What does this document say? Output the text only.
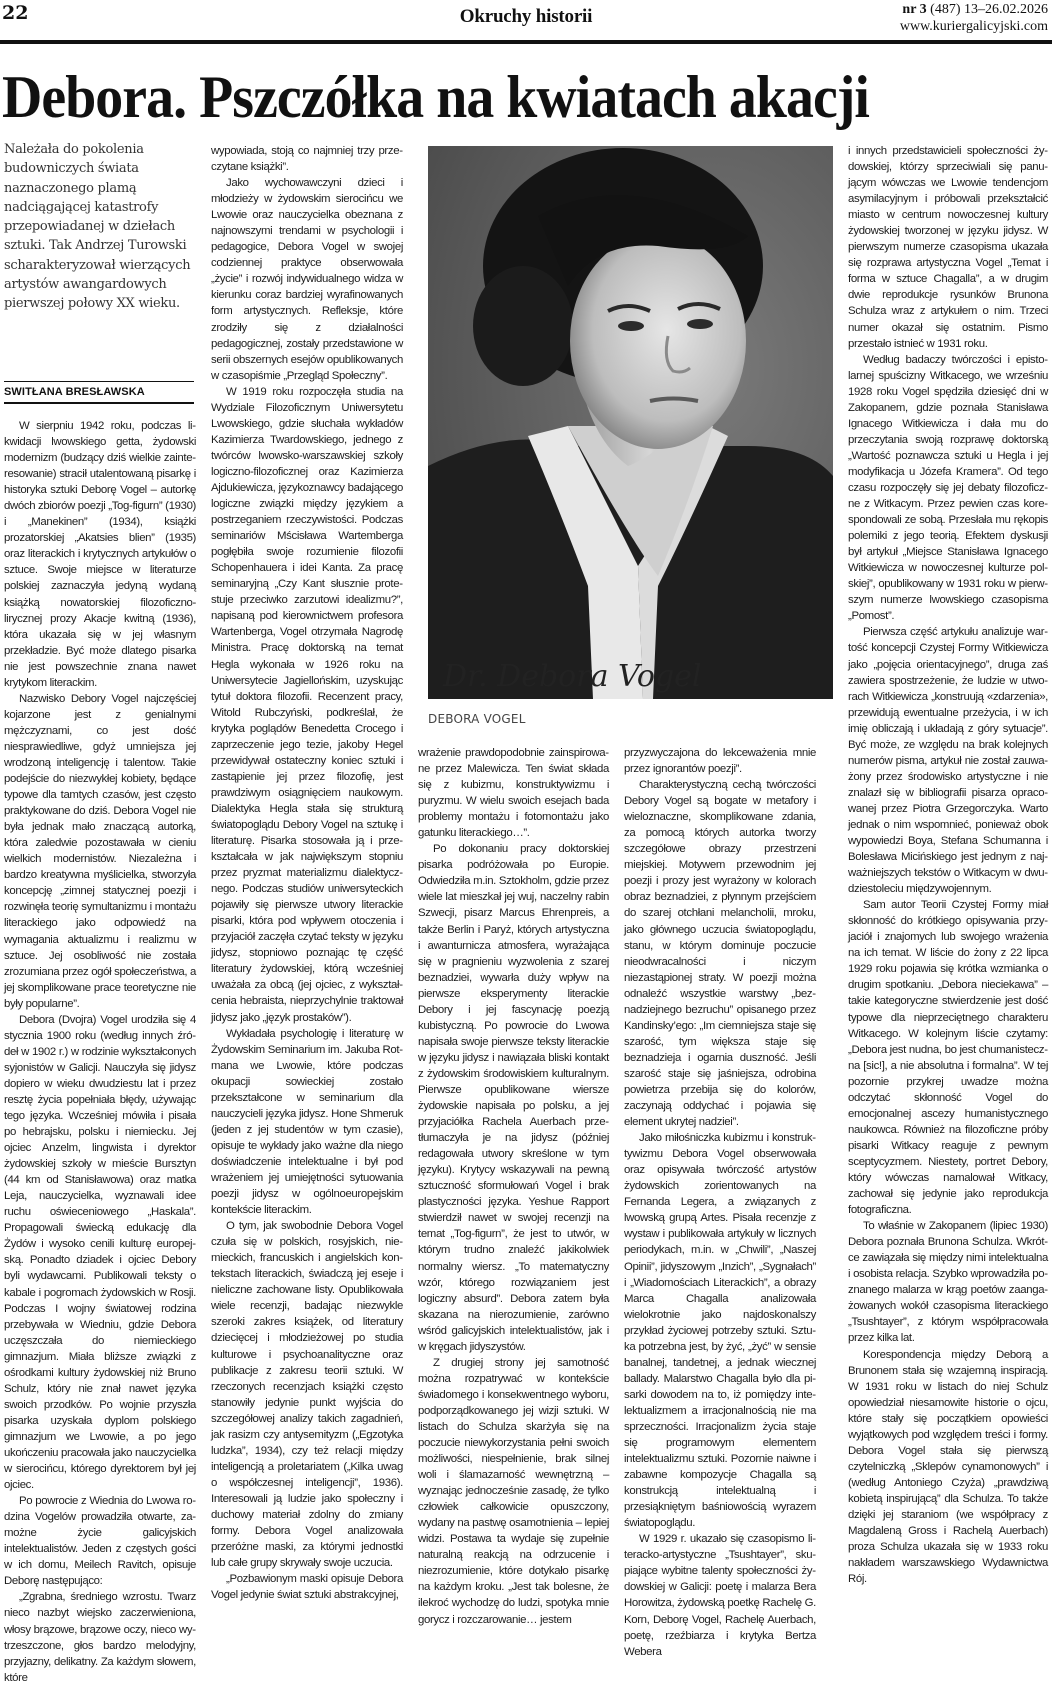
22	Okruchy historii	nr 3 (487) 13–26.02.2026
www.kuriergalicyjski.com
Debora. Pszczółka na kwiatach akacji
Należała do pokolenia budowniczych świata naznaczonego plamą nadciągającej katastrofy przepowiadanej w dziełach sztuki. Tak Andrzej Turowski scharakteryzował wierzących artystów awangardowych pierwszej połowy XX wieku.
SWITŁANA BRESŁAWSKA

W sierpniu 1942 roku, podczas likwidacji lwowskiego getta, żydowski modernizm (budzący dziś wielkie zainteresowanie) stracił utalentowaną pisarkę i historyka sztuki Deborę Vogel – autorkę dwóch zbiorów poezji „Tog-figurn” (1930) i „Manekinen” (1934), książki prozatorskiej „Akatsies blien” (1935) oraz literackich i krytycznych artykułów o sztuce. Swoje miejsce w literaturze polskiej zaznaczyła jedyną wydaną książką nowatorskiej filozoficzno-lirycznej prozy Akacje kwitną (1936), która ukazała się w jej własnym przekładzie. Być może dlatego pisarka nie jest powszechnie znana nawet krytykom literackim.

Nazwisko Debory Vogel najczęściej kojarzone jest z genialnymi mężczyznami, co jest dość niesprawiedliwe, gdyż umniejsza jej wrodzoną inteligencję i talentow. Takie podejście do niezwykłej kobiety, będące typowe dla tamtych czasów, jest często praktykowane do dziś. Debora Vogel nie była jednak mało znaczącą autorką, która zaledwie pozostawała w cieniu wielkich modernistów. Niezależna i bardzo kreatywna myślicielka, stworzyła koncepcję „zimnej statycznej poezji i rozwinęła teorię symultanizmu i montażu literackiego jako odpowiedź na wymagania aktualizmu i realizmu w sztuce. Jej osobliwość nie została zrozumiana przez ogół społeczeństwa, a jej skomplikowane prace teoretyczne nie były popularne”.

Debora (Dvojra) Vogel urodziła się 4 stycznia 1900 roku (według innych źródeł w 1902 r.) w rodzinie wykształconych syjonistów w Galicji. Nauczyła się jidysz dopiero w wieku dwudziestu lat i przez resztę życia popełniała błędy, używając tego języka. Wcześniej mówiła i pisała po hebrajsku, polsku i niemiecku. Jej ojciec Anzelm, lingwista i dyrektor żydowskiej szkoły w mieście Bursztyn (44 km od Stanisławowa) oraz matka Leja, nauczycielka, wyznawali idee ruchu oświeceniowego „Haskala”. Propagowali świecką edukację dla Żydów i wysoko cenili kulturę europejską. Ponadto dziadek i ojciec Debory byli wydawcami. Publikowali teksty o kabale i pogromach żydowskich w Rosji. Podczas I wojny światowej rodzina przebywała w Wiedniu, gdzie Debora uczęszczała do niemieckiego gimnazjum. Miała bliższe związki z ośrodkami kultury żydowskiej niż Bruno Schulz, który nie znał nawet języka swoich przodków. Po wojnie przyszła pisarka uzyskała dyplom polskiego gimnazjum we Lwowie, a po jego ukończeniu pracowała jako nauczycielka w sierocińcu, którego dyrektorem był jej ojciec.

Po powrocie z Wiednia do Lwowa rodzina Vogelów prowadziła otwarte, zamożne życie galicyjskich intelektualistów. Jeden z częstych gości w ich domu, Meilech Ravitch, opisuje Deborę następująco:

„Zgrabna, średniego wzrostu. Twarz nieco nazbyt wiejsko zaczerwieniona, włosy brązowe, brązowe oczy, nieco wytrzeszczone, głos bardzo melodyjny, przyjazny, delikatny. Za każdym słowem, które

wypowiada, stoją co najmniej trzy przeczytane książki”.

Jako wychowawczyni dzieci i młodzieży w żydowskim sierocińcu we Lwowie oraz nauczycielka obeznana z najnowszymi trendami w psychologii i pedagogice, Debora Vogel w swojej codziennej praktyce obserwowała „życie” i rozwój indywidualnego widza w kierunku coraz bardziej wyrafinowanych form artystycznych. Refleksje, które zrodziły się z działalności pedagogicznej, zostały przedstawione w serii obszernych esejów opublikowanych w czasopiśmie „Przegląd Społeczny”.

W 1919 roku rozpoczęła studia na Wydziale Filozoficznym Uniwersytetu Lwowskiego, gdzie słuchała wykładów Kazimierza Twardowskiego, jednego z twórców lwowsko-warszawskiej szkoły logiczno-filozoficznej oraz Kazimierza Ajdukiewicza, językoznawcy badającego logiczne związki między językiem a postrzeganiem rzeczywistości. Podczas seminariów Mścisława Wartemberga pogłębiła swoje rozumienie filozofii Schopenhauera i idei Kanta. Za pracę seminaryjną „Czy Kant słusznie protestuje przeciwko zarzutowi idealizmu?”, napisaną pod kierownictwem profesora Wartenberga, Vogel otrzymała Nagrodę Ministra. Pracę doktorską na temat Hegla wykonała w 1926 roku na Uniwersytecie Jagiellońskim, uzyskując tytuł doktora filozofii. Recenzent pracy, Witold Rubczyński, podkreślał, że krytyka poglądów Benedetta Crocego i zaprzeczenie jego tezie, jakoby Hegel przewidywał ostateczny koniec sztuki i zastąpienie jej przez filozofię, jest prawdziwym osiągnięciem naukowym. Dialektyka Hegla stała się strukturą światopoglądu Debory Vogel na sztukę i literaturę. Pisarka stosowała ją i przekształcała w jak największym stopniu przez pryzmat materializmu dialektycznego. Podczas studiów uniwersyteckich pojawiły się pierwsze utwory literackie pisarki, która pod wpływem otoczenia i przyjaciół zaczęła czytać teksty w języku jidysz, stopniowo poznając tę część literatury żydowskiej, którą wcześniej uważała za obcą (jej ojciec, z wykształcenia hebraista, nieprzychylnie traktował jidysz jako „język prostaków”).

Wykładała psychologię i literaturę w Żydowskim Seminarium im. Jakuba Rotmana we Lwowie, które podczas okupacji sowieckiej zostało przekształcone w seminarium dla nauczycieli języka jidysz. Hone Shmeruk (jeden z jej studentów w tym czasie), opisuje te wykłady jako ważne dla niego doświadczenie intelektualne i był pod wrażeniem jej umiejętności sytuowania poezji jidysz w ogólnoeuropejskim kontekście literackim.

O tym, jak swobodnie Debora Vogel czuła się w polskich, rosyjskich, niemieckich, francuskich i angielskich kontekstach literackich, świadczą jej eseje i nieliczne zachowane listy. Opublikowała wiele recenzji, badając niezwykle szeroki zakres książek, od literatury dziecięcej i młodzieżowej po studia kulturowe i psychoanalityczne oraz publikacje z zakresu teorii sztuki. W rzeczonych recenzjach książki często stanowiły jedynie punkt wyjścia do szczegółowej analizy takich zagadnień, jak rasizm czy antysemityzm („Egzotyka ludzka”, 1934), czy też relacji między inteligencją a proletariatem („Kilka uwag o współczesnej inteligencji”, 1936). Interesowali ją ludzie jako społeczny i duchowy materiał zdolny do zmiany formy. Debora Vogel analizowała przeróżne maski, za którymi jednostki lub całe grupy skrywały swoje uczucia.

„Pozbawionym maski opisuje Debora Vogel jedynie świat sztuki abstrakcyjnej,

wrażenie prawdopodobnie zainspirowane przez Malewicza. Ten świat składa się z kubizmu, konstruktywizmu i puryzmu. W wielu swoich esejach bada problemy montażu i fotomontażu jako gatunku literackiego…”.

Po dokonaniu pracy doktorskiej pisarka podróżowała po Europie. Odwiedziła m.in. Sztokholm, gdzie przez wiele lat mieszkał jej wuj, naczelny rabin Szwecji, pisarz Marcus Ehrenpreis, a także Berlin i Paryż, których artystyczna i awanturnicza atmosfera, wyrażająca się w pragnieniu wyzwolenia z szarej beznadziei, wywarła duży wpływ na pierwsze eksperymenty literackie Debory i jej fascynację poezją kubistyczną. Po powrocie do Lwowa napisała swoje pierwsze teksty literackie w języku jidysz i nawiązała bliski kontakt z żydowskim środowiskiem kulturalnym. Pierwsze opublikowane wiersze żydowskie napisała po polsku, a jej przyjaciółka Rachela Auerbach przetłumaczyła je na jidysz (później redagowała utwory skreślone w tym języku). Krytycy wskazywali na pewną sztuczność sformułowań Vogel i brak plastyczności języka. Yeshue Rapport stwierdził nawet w swojej recenzji na temat „Tog-figurn”, że jest to utwór, w którym trudno znaleźć jakikolwiek normalny wiersz. „To matematyczny wzór, którego rozwiązaniem jest logiczny absurd”. Debora zatem była skazana na nierozumienie, zarówno wśród galicyjskich intelektualistów, jak i w kręgach jidyszystów.

Z drugiej strony jej samotność można rozpatrywać w kontekście świadomego i konsekwentnego wyboru, podporządkowanego jej wizji sztuki. W listach do Schulza skarżyła się na poczucie niewykorzystania pełni swoich możliwości, niespełnienie, brak silnej woli i ślamazarność wewnętrzną – wyznając jednocześnie zasadę, że tylko człowiek całkowicie opuszczony, wydany na pastwę osamotnienia – lepiej widzi. Postawa ta wydaje się zupełnie naturalną reakcją na odrzucenie i niezrozumienie, które dotykało pisarkę na każdym kroku. „Jest tak bolesne, że ilekroć wychodzę do ludzi, spotyka mnie gorycz i rozczarowanie… jestem

przyzwyczajona do lekceważenia mnie przez ignorantów poezji”.

Charakterystyczną cechą twórczości Debory Vogel są bogate w metafory i wieloznaczne, skomplikowane zdania, za pomocą których autorka tworzy szczegółowe obrazy przestrzeni miejskiej. Motywem przewodnim jej poezji i prozy jest wyrażony w kolorach obraz beznadziei, z płynnym przejściem do szarej otchłani melancholii, mroku, jako głównego uczucia światopoglądu, stanu, w którym dominuje poczucie nieodwracalności i niczym niezastąpionej straty. W poezji można odnaleźć wszystkie warstwy „beznadziejnego bezruchu” opisanego przez Kandinsky’ego: „Im ciemniejsza staje się szarość, tym większa staje się beznadzieja i ogarnia duszność. Jeśli szarość staje się jaśniejsza, odrobina powietrza przebija się do kolorów, zaczynają oddychać i pojawia się element ukrytej nadziei”.

Jako miłośniczka kubizmu i konstruktywizmu Debora Vogel obserwowała oraz opisywała twórczość artystów żydowskich zorientowanych na Fernanda Legera, a związanych z lwowską grupą Artes. Pisała recenzje z wystaw i publikowała artykuły w licznych periodykach, m.in. w „Chwili”, „Naszej Opinii”, jidyszowym „Inzich”, „Sygnałach” i „Wiadomościach Literackich”, a obrazy Marca Chagalla analizowała wielokrotnie jako najdoskonalszy przykład życiowej potrzeby sztuki. Sztuka potrzebna jest, by żyć, „żyć” w sensie banalnej, tandetnej, a jednak wiecznej ballady. Malarstwo Chagalla było dla pisarki dowodem na to, iż pomiędzy intelektualizmem a irracjonalnością nie ma sprzeczności. Irracjonalizm życia staje się programowym elementem intelektualizmu sztuki. Pozornie naiwne i zabawne kompozycje Chagalla są konstrukcją intelektualną i przesiąkniętym baśniowością wyrazem światopoglądu.

W 1929 r. ukazało się czasopismo literacko-artystyczne „Tsushtayer”, skupiające wybitne talenty społeczności żydowskiej w Galicji: poetę i malarza Bera Horowitza, żydowską poetkę Rachelę G. Korn, Deborę Vogel, Rachelę Auerbach, poetę, rzeźbiarza i krytyka Bertza Webera

i innych przedstawicieli społeczności żydowskiej, którzy sprzeciwiali się panującym wówczas we Lwowie tendencjom asymilacyjnym i próbowali przekształcić miasto w centrum nowoczesnej kultury żydowskiej tworzonej w języku jidysz. W pierwszym numerze czasopisma ukazała się rozprawa artystyczna Vogel „Temat i forma w sztuce Chagalla”, a w drugim dwie reprodukcje rysunków Brunona Schulza wraz z artykułem o nim. Trzeci numer okazał się ostatnim. Pismo przestało istnieć w 1931 roku.

Według badaczy twórczości i epistolarnej spuścizny Witkacego, we wrześniu 1928 roku Vogel spędziła dziesięć dni w Zakopanem, gdzie poznała Stanisława Ignacego Witkiewicza i dała mu do przeczytania swoją rozprawę doktorską „Wartość poznawcza sztuki u Hegla i jej modyfikacja u Józefa Kramera”. Od tego czasu rozpoczęły się jej debaty filozoficzne z Witkacym. Przez pewien czas korespondowali ze sobą. Przesłała mu rękopis polemiki z jego teorią. Efektem dyskusji był artykuł „Miejsce Stanisława Ignacego Witkiewicza w nowoczesnej kulturze polskiej”, opublikowany w 1931 roku w pierwszym numerze lwowskiego czasopisma „Pomost”.

Pierwsza część artykułu analizuje wartość koncepcji Czystej Formy Witkiewicza jako „pojęcia orientacyjnego”, druga zaś zawiera spostrzeżenie, że ludzie w utworach Witkiewicza „konstruują «zdarzenia», przewidują ewentualne przeżycia, i w ich imię obliczają i układają z góry sytuacje”. Być może, ze względu na brak kolejnych numerów pisma, artykuł nie został zauważony przez środowisko artystyczne i nie znalazł się w bibliografii pisarza opracowanej przez Piotra Grzegorczyka. Warto jednak o nim wspomnieć, ponieważ obok wypowiedzi Boya, Stefana Schumanna i Bolesława Micińskiego jest jednym z najważniejszych tekstów o Witkacym w dwudziestoleciu międzywojennym.

Sam autor Teorii Czystej Formy miał skłonność do krótkiego opisywania przyjaciół i znajomych lub swojego wrażenia na ich temat. W liście do żony z 22 lipca 1929 roku pojawia się krótka wzmianka o drugim spotkaniu. „Debora nieciekawa” – takie kategoryczne stwierdzenie jest dość typowe dla nieprzeciętnego charakteru Witkacego. W kolejnym liście czytamy: „Debora jest nudna, bo jest chumanisteczna [sic!], a nie absolutna i formalna”. W tej pozornie przykrej uwadze można odczytać skłonność Vogel do emocjonalnej ascezy humanistycznego naukowca. Również na filozoficzne próby pisarki Witkacy reaguje z pewnym sceptycyzmem. Niestety, portret Debory, który wówczas namalował Witkacy, zachował się jedynie jako reprodukcja fotograficzna.

To właśnie w Zakopanem (lipiec 1930) Debora poznała Brunona Schulza. Wkrótce zawiązała się między nimi intelektualna i osobista relacja. Szybko wprowadziła poznanego malarza w krąg poetów zaangażowanych wokół czasopisma literackiego „Tsushtayer”, z którym współpracowała przez kilka lat.

Korespondencja między Deborą a Brunonem stała się wzajemną inspiracją. W 1931 roku w listach do niej Schulz opowiedział niesamowite historie o ojcu, które stały się początkiem opowieści wyjątkowych pod względem treści i formy. Debora Vogel stała się pierwszą czytelniczką „Sklepów cynamonowych” i (według Antoniego Czyża) „prawdziwą kobietą inspirującą” dla Schulza. To także dzięki jej staraniom (we współpracy z Magdaleną Gross i Rachelą Auerbach) proza Schulza ukazała się w 1933 roku nakładem warszawskiego Wydawnictwa Rój.

Dr. Debora Vogel
DEBORA VOGEL
